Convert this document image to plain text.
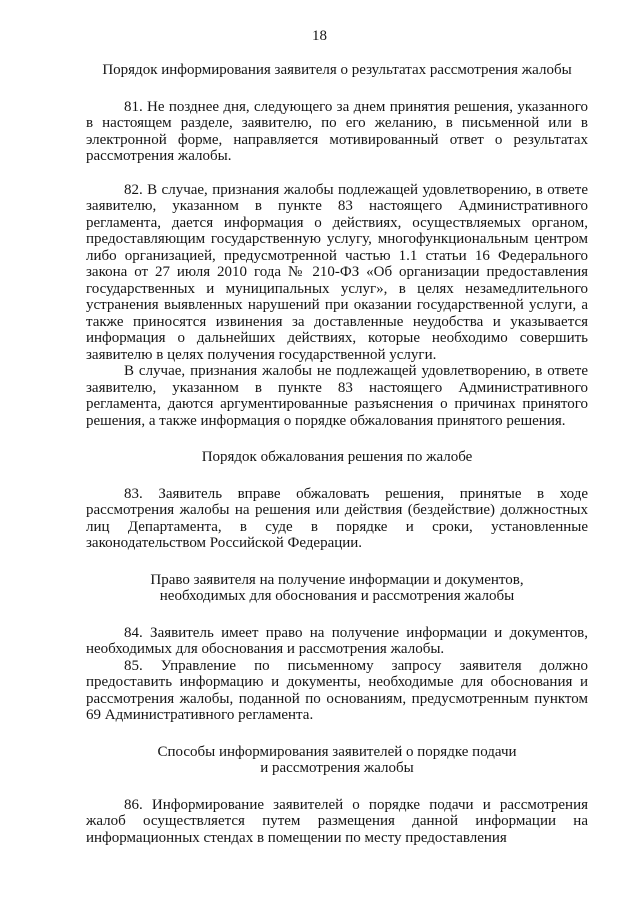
18
Порядок информирования заявителя о результатах рассмотрения жалобы
81. Не позднее дня, следующего за днем принятия решения, указанного в настоящем разделе, заявителю, по его желанию, в письменной или в электронной форме, направляется мотивированный ответ о результатах рассмотрения жалобы.
82. В случае, признания жалобы подлежащей удовлетворению, в ответе заявителю, указанном в пункте 83 настоящего Административного регламента, дается информация о действиях, осуществляемых органом, предоставляющим государственную услугу, многофункциональным центром либо организацией, предусмотренной частью 1.1 статьи 16 Федерального закона от 27 июля 2010 года № 210-ФЗ «Об организации предоставления государственных и муниципальных услуг», в целях незамедлительного устранения выявленных нарушений при оказании государственной услуги, а также приносятся извинения за доставленные неудобства и указывается информация о дальнейших действиях, которые необходимо совершить заявителю в целях получения государственной услуги.
В случае, признания жалобы не подлежащей удовлетворению, в ответе заявителю, указанном в пункте 83 настоящего Административного регламента, даются аргументированные разъяснения о причинах принятого решения, а также информация о порядке обжалования принятого решения.
Порядок обжалования решения по жалобе
83. Заявитель вправе обжаловать решения, принятые в ходе рассмотрения жалобы на решения или действия (бездействие) должностных лиц Департамента, в суде в порядке и сроки, установленные законодательством Российской Федерации.
Право заявителя на получение информации и документов,
необходимых для обоснования и рассмотрения жалобы
84. Заявитель имеет право на получение информации и документов, необходимых для обоснования и рассмотрения жалобы.
85. Управление по письменному запросу заявителя должно предоставить информацию и документы, необходимые для обоснования и рассмотрения жалобы, поданной по основаниям, предусмотренным пунктом 69 Административного регламента.
Способы информирования заявителей о порядке подачи
и рассмотрения жалобы
86. Информирование заявителей о порядке подачи и рассмотрения жалоб осуществляется путем размещения данной информации на информационных стендах в помещении по месту предоставления
